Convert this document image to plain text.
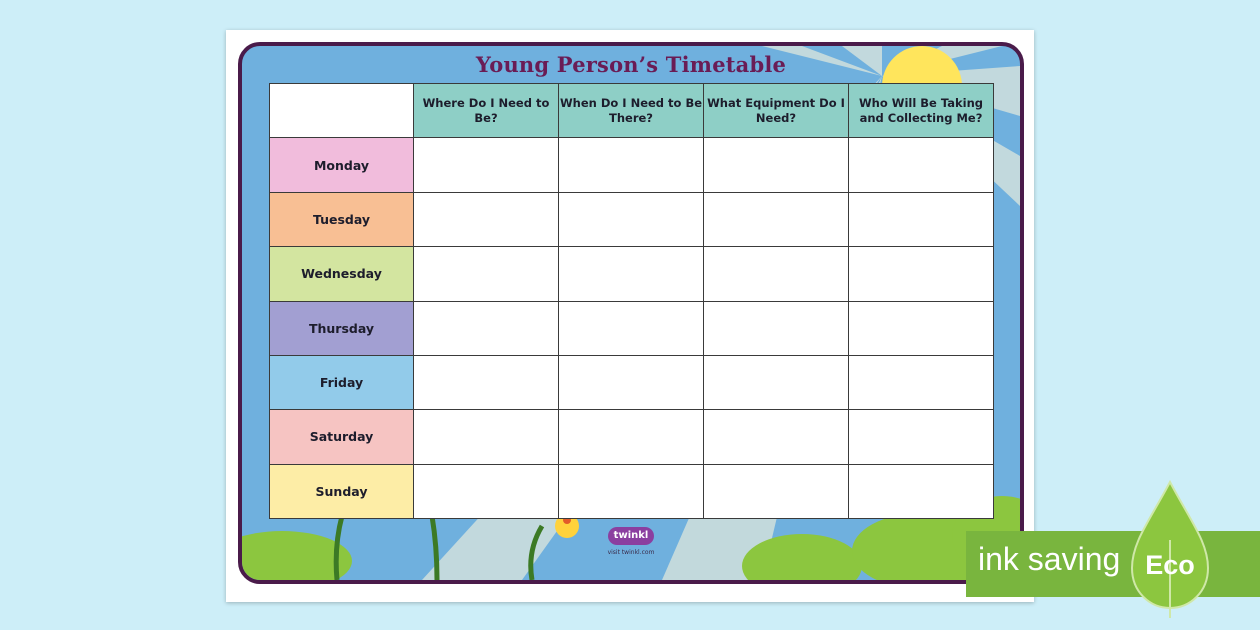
Young Person’s Timetable
	Where Do I Need to Be?	When Do I Need to Be There?	What Equipment Do I Need?	Who Will Be Taking and Collecting Me?
Monday				
Tuesday				
Wednesday				
Thursday				
Friday				
Saturday				
Sunday				
twinkl
visit twinkl.com	Eco
ink saving
